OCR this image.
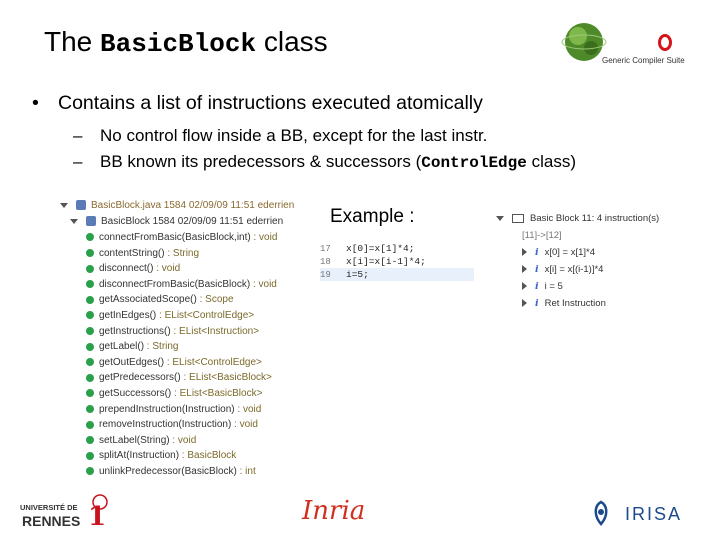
The BasicBlock class
Generic Compiler Suite
• Contains a list of instructions executed atomically
– No control flow inside a BB, except for the last instr.
– BB known its predecessors & successors (ControlEdge class)
BasicBlock.java 1584 02/09/09 11:51 ederrien
BasicBlock 1584 02/09/09 11:51 ederrien
connectFromBasic(BasicBlock,int) : void
contentString() : String
disconnect() : void
disconnectFromBasic(BasicBlock) : void
getAssociatedScope() : Scope
getInEdges() : EList<ControlEdge>
getInstructions() : EList<Instruction>
getLabel() : String
getOutEdges() : EList<ControlEdge>
getPredecessors() : EList<BasicBlock>
getSuccessors() : EList<BasicBlock>
prependInstruction(Instruction) : void
removeInstruction(Instruction) : void
setLabel(String) : void
splitAt(Instruction) : BasicBlock
unlinkPredecessor(BasicBlock) : int
Example :
17 x[0]=x[1]*4;
18 x[i]=x[i-1]*4;
19 i=5;
Basic Block 11: 4 instruction(s)
[11]->[12]
i x[0] = x[1]*4
i x[i] = x[(i-1)]*4
i i = 5
i Ret Instruction
UNIVERSITÉ DE
RENNES 1	Inria	IRISA
